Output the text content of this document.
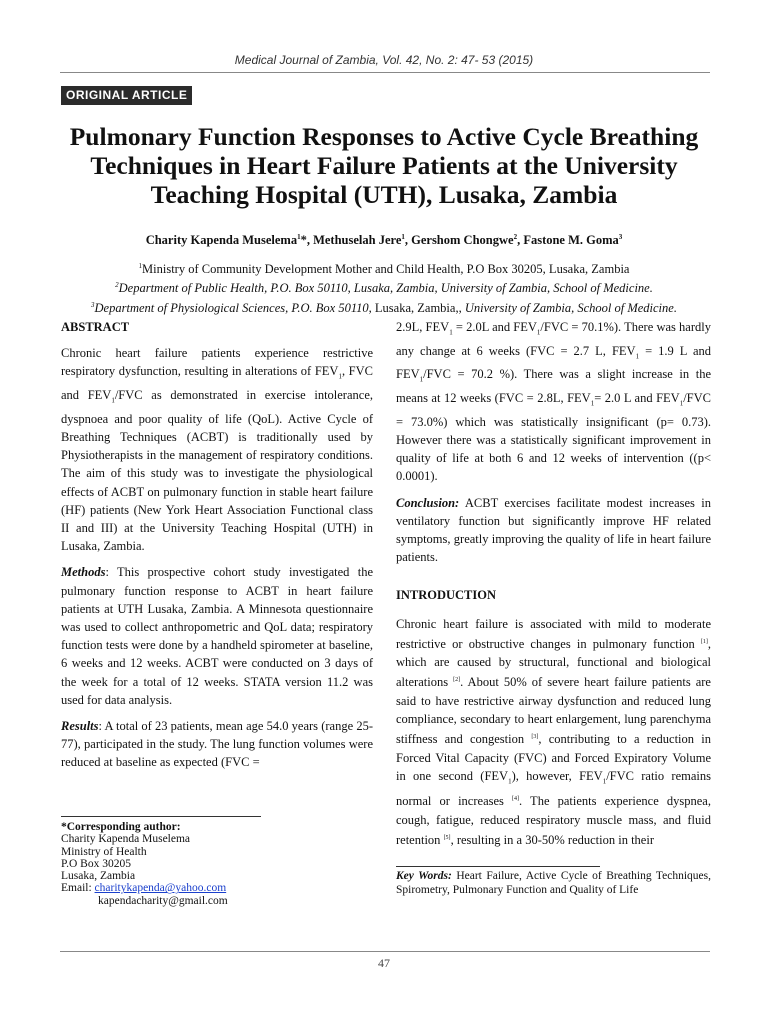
Medical Journal of Zambia, Vol. 42, No. 2: 47- 53 (2015)
ORIGINAL ARTICLE
Pulmonary Function Responses to Active Cycle Breathing Techniques in Heart Failure Patients at the University Teaching Hospital (UTH), Lusaka, Zambia
Charity Kapenda Muselema$^1$*, Methuselah Jere$^1$, Gershom Chongwe$^2$, Fastone M. Goma$^3$
$^1$Ministry of Community Development Mother and Child Health, P.O Box 30205, Lusaka, Zambia
$^2$Department of Public Health, P.O. Box 50110, Lusaka, Zambia, University of Zambia, School of Medicine.
$^3$Department of Physiological Sciences, P.O. Box 50110, Lusaka, Zambia,, University of Zambia, School of Medicine.
ABSTRACT

Chronic heart failure patients experience restrictive respiratory dysfunction, resulting in alterations of $FEV_1$, FVC and $FEV_1$/FVC as demonstrated in exercise intolerance, dyspnoea and poor quality of life (QoL). Active Cycle of Breathing Techniques (ACBT) is traditionally used by Physiotherapists in the management of respiratory conditions. The aim of this study was to investigate the physiological effects of ACBT on pulmonary function in stable heart failure (HF) patients (New York Heart Association Functional class II and III) at the University Teaching Hospital (UTH) in Lusaka, Zambia.

Methods: This prospective cohort study investigated the pulmonary function response to ACBT in heart failure patients at UTH Lusaka, Zambia. A Minnesota questionnaire was used to collect anthropometric and QoL data; respiratory function tests were done by a handheld spirometer at baseline, 6 weeks and 12 weeks. ACBT were conducted on 3 days of the week for a total of 12 weeks. STATA version 11.2 was used for data analysis.

Results: A total of 23 patients, mean age 54.0 years (range 25-77), participated in the study. The lung function volumes were reduced at baseline as expected (FVC =

*Corresponding author:
Charity Kapenda Muselema
Ministry of Health
P.O Box 30205
Lusaka, Zambia
Email: charitykapenda@yahoo.com
kapendacharity@gmail.com

2.9L, $FEV_1 = 2.0L$ and $FEV_1$/FVC = 70.1%). There was hardly any change at 6 weeks (FVC = 2.7 L, $FEV_1 = 1.9$ L and $FEV_1$/FVC = 70.2 %). There was a slight increase in the means at 12 weeks (FVC = 2.8L, $FEV_1= 2.0$ L and $FEV_1$/FVC = 73.0%) which was statistically insignificant (p= 0.73). However there was a statistically significant improvement in quality of life at both 6 and 12 weeks of intervention ((p< 0.0001).

Conclusion: ACBT exercises facilitate modest increases in ventilatory function but significantly improve HF related symptoms, greatly improving the quality of life in heart failure patients.

INTRODUCTION

Chronic heart failure is associated with mild to moderate restrictive or obstructive changes in pulmonary function [1], which are caused by structural, functional and biological alterations [2]. About 50% of severe heart failure patients are said to have restrictive airway dysfunction and reduced lung compliance, secondary to heart enlargement, lung parenchyma stiffness and congestion [3], contributing to a reduction in Forced Vital Capacity (FVC) and Forced Expiratory Volume in one second $(FEV_1)$, however, $FEV_1$/FVC ratio remains normal or increases [4]. The patients experience dyspnea, cough, fatigue, reduced respiratory muscle mass, and fluid retention [5], resulting in a 30-50% reduction in their

Key Words: Heart Failure, Active Cycle of Breathing Techniques, Spirometry, Pulmonary Function and Quality of Life
47
